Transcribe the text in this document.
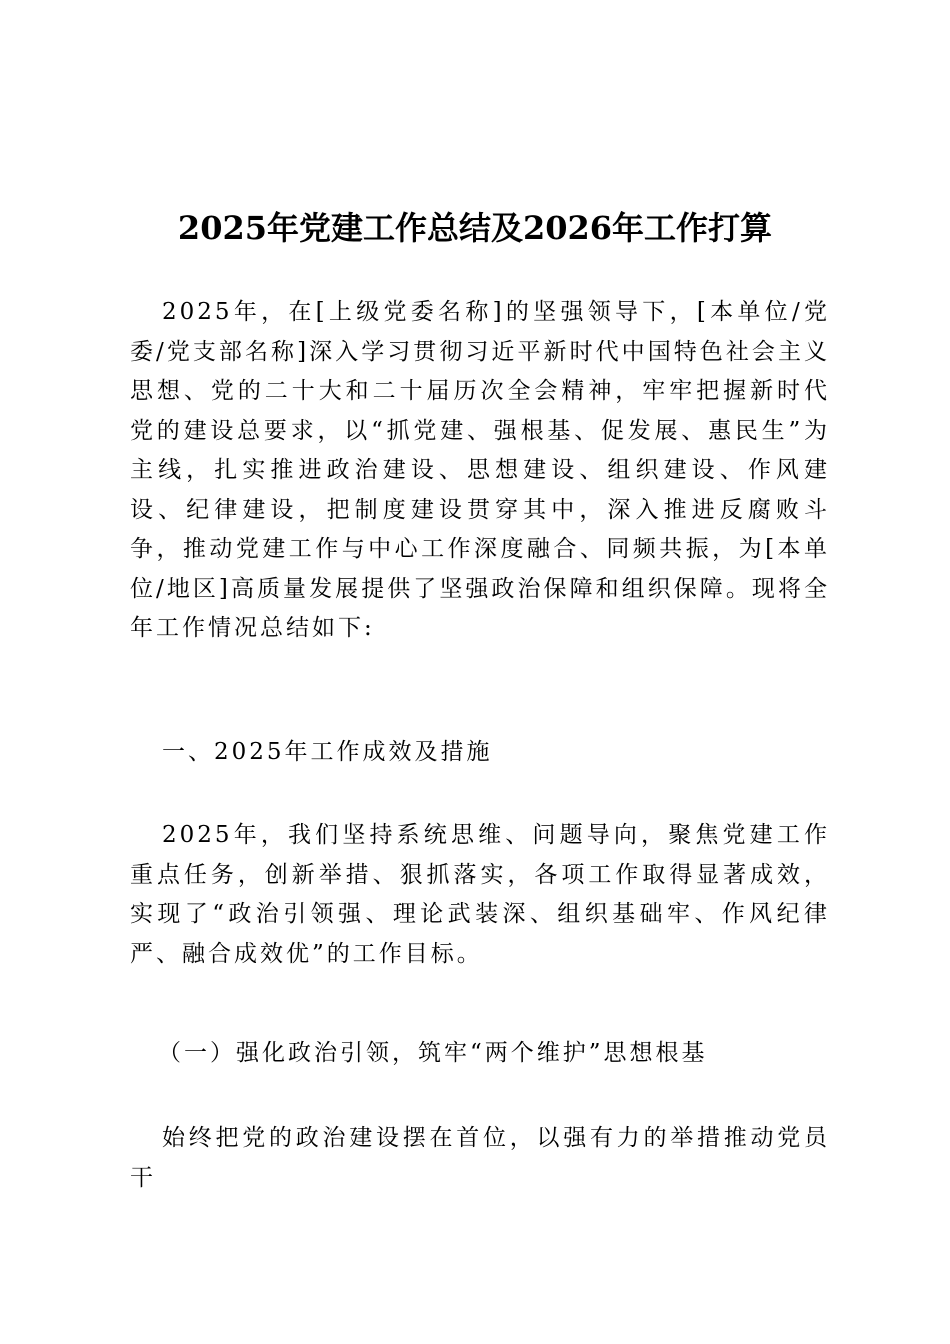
2025年党建工作总结及2026年工作打算
2025年，在[上级党委名称]的坚强领导下，[本单位/党委/党支部名称]深入学习贯彻习近平新时代中国特色社会主义思想、党的二十大和二十届历次全会精神，牢牢把握新时代党的建设总要求，以“抓党建、强根基、促发展、惠民生”为主线，扎实推进政治建设、思想建设、组织建设、作风建设、纪律建设，把制度建设贯穿其中，深入推进反腐败斗争，推动党建工作与中心工作深度融合、同频共振，为[本单位/地区]高质量发展提供了坚强政治保障和组织保障。现将全年工作情况总结如下:
一、2025年工作成效及措施
2025年，我们坚持系统思维、问题导向，聚焦党建工作重点任务，创新举措、狠抓落实，各项工作取得显著成效，实现了“政治引领强、理论武装深、组织基础牢、作风纪律严、融合成效优”的工作目标。
（一）强化政治引领，筑牢“两个维护”思想根基
始终把党的政治建设摆在首位，以强有力的举措推动党员干
